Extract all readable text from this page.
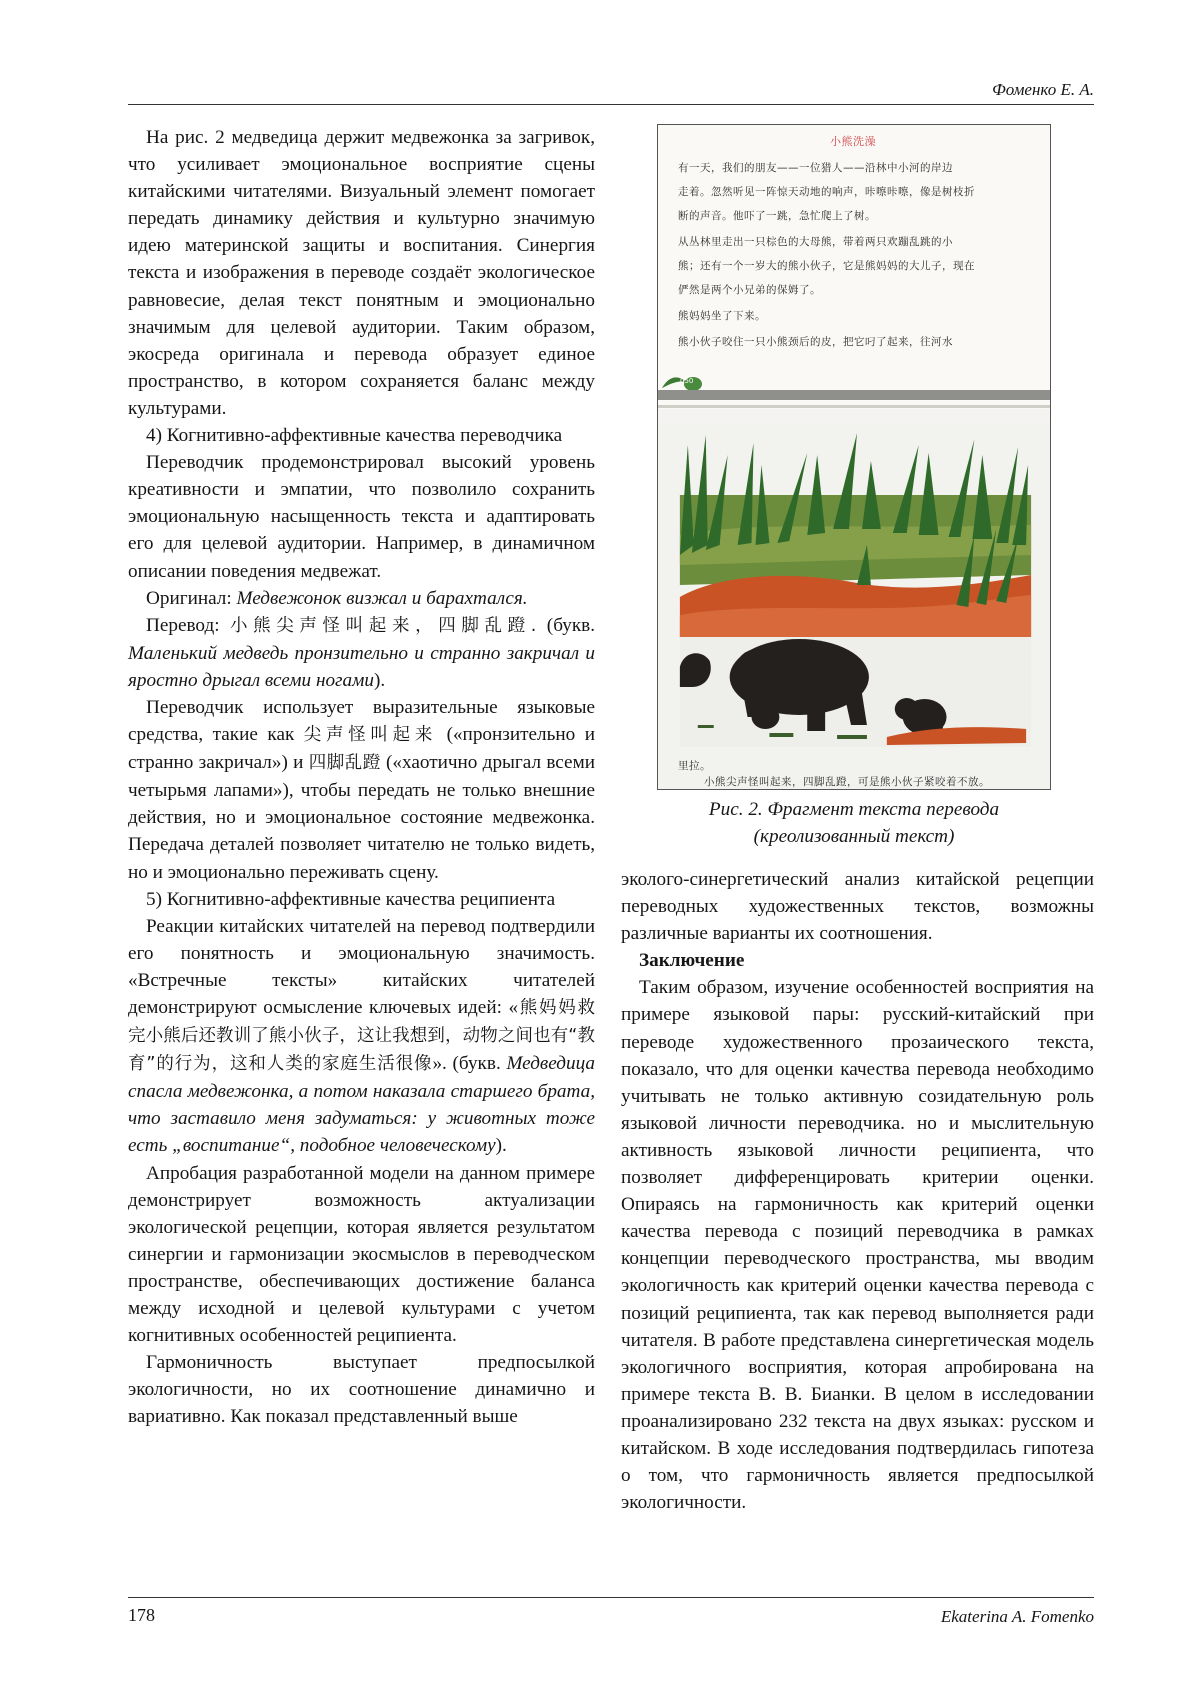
Фоменко Е. А.

На рис. 2 медведица держит медвежонка за загривок, что усиливает эмоциональное восприятие сцены китайскими читателями. Визуальный элемент помогает передать динамику действия и культурно значимую идею материнской защиты и воспитания. Синергия текста и изображения в переводе создаёт экологическое равновесие, делая текст понятным и эмоционально значимым для целевой аудитории. Таким образом, экосреда оригинала и перевода образует единое пространство, в котором сохраняется баланс между культурами.

4) Когнитивно-аффективные качества переводчика

Переводчик продемонстрировал высокий уровень креативности и эмпатии, что позволило сохранить эмоциональную насыщенность текста и адаптировать его для целевой аудитории. Например, в динамичном описании поведения медвежат.

Оригинал: Медвежонок визжал и барахтался.

Перевод: 小熊尖声怪叫起来，四脚乱蹬. (букв. Маленький медведь пронзительно и странно закричал и яростно дрыгал всеми ногами).

Переводчик использует выразительные языковые средства, такие как 尖声怪叫起来 («пронзительно и странно закричал») и 四脚乱蹬 («хаотично дрыгал всеми четырьмя лапами»), чтобы передать не только внешние действия, но и эмоциональное состояние медвежонка. Передача деталей позволяет читателю не только видеть, но и эмоционально переживать сцену.

5) Когнитивно-аффективные качества реципиента

Реакции китайских читателей на перевод подтвердили его понятность и эмоциональную значимость. «Встречные тексты» китайских читателей демонстрируют осмысление ключевых идей: «熊妈妈救完小熊后还教训了熊小伙子，这让我想到，动物之间也有“教育”的行为，这和人类的家庭生活很像». (букв. Медведица спасла медвежонка, а потом наказала старшего брата, что заставило меня задуматься: у животных тоже есть „воспитание“, подобное человеческому).

Апробация разработанной модели на данном примере демонстрирует возможность актуализации экологической рецепции, которая является результатом синергии и гармонизации экосмыслов в переводческом пространстве, обеспечивающих достижение баланса между исходной и целевой культурами с учетом когнитивных особенностей реципиента.

Гармоничность выступает предпосылкой экологичности, но их соотношение динамично и вариативно. Как показал представленный выше

小熊洗澡
有一天，我们的朋友——一位猎人——沿林中小河的岸边
走着。忽然听见一阵惊天动地的响声，咔嚓咔嚓，像是树枝折
断的声音。他吓了一跳，急忙爬上了树。
从丛林里走出一只棕色的大母熊，带着两只欢蹦乱跳的小
熊；还有一个一岁大的熊小伙子，它是熊妈妈的大儿子，现在
俨然是两个小兄弟的保姆了。
熊妈妈坐了下来。
熊小伙子咬住一只小熊颈后的皮，把它叼了起来，往河水
050
里拉。
小熊尖声怪叫起来，四脚乱蹬，可是熊小伙子紧咬着不放。
Рис. 2. Фрагмент текста перевода
(креолизованный текст)

эколого-синергетический анализ китайской рецепции переводных художественных текстов, возможны различные варианты их соотношения.

Заключение

Таким образом, изучение особенностей восприятия на примере языковой пары: русский-китайский при переводе художественного прозаического текста, показало, что для оценки качества перевода необходимо учитывать не только активную созидательную роль языковой личности переводчика. но и мыслительную активность языковой личности реципиента, что позволяет дифференцировать критерии оценки. Опираясь на гармоничность как критерий оценки качества перевода с позиций переводчика в рамках концепции переводческого пространства, мы вводим экологичность как критерий оценки качества перевода с позиций реципиента, так как перевод выполняется ради читателя. В работе представлена синергетическая модель экологичного восприятия, которая апробирована на примере текста В. В. Бианки. В целом в исследовании проанализировано 232 текста на двух языках: русском и китайском. В ходе исследования подтвердилась гипотеза о том, что гармоничность является предпосылкой экологичности.

178	Ekaterina A. Fomenko
